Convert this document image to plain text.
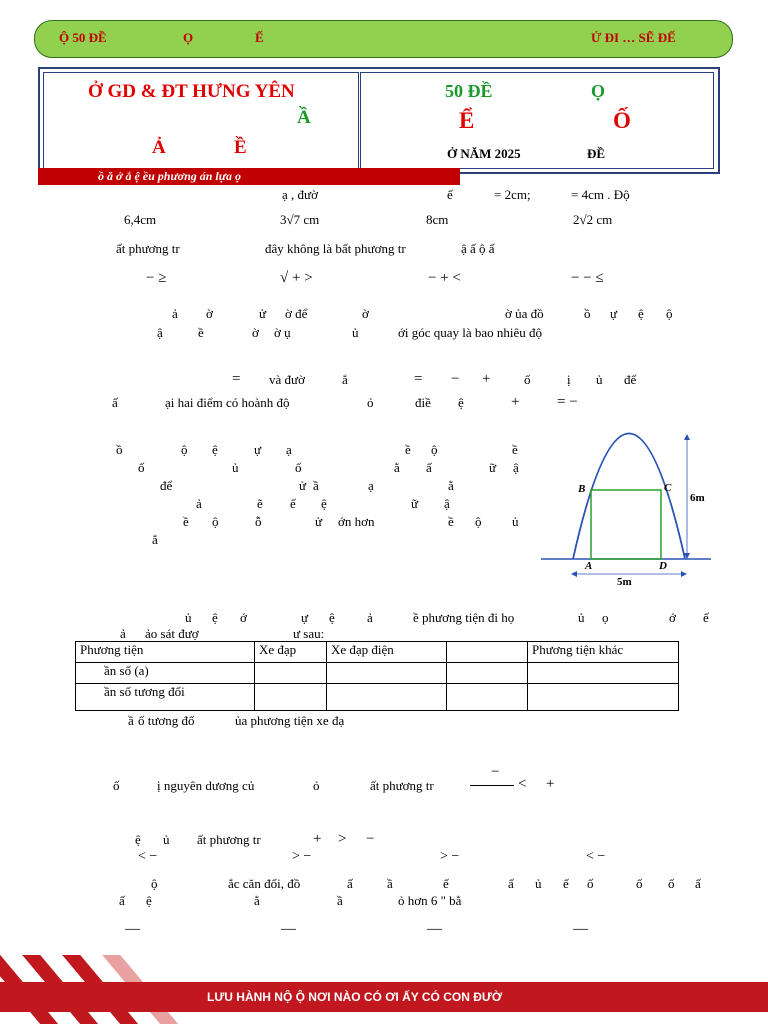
Ộ 50 ĐỀ	Ọ	Ế	Ử ĐI … SẼ ĐẾ
Ở GD & ĐT HƯNG YÊN
Ầ
Ả	Ề
50 ĐỀ	Ọ
Ể	Ố
Ở NĂM 2025	ĐỀ
ồ ă ở ắ ệ ều phương án lựa ọ
ạ , đườ	ế	= 2cm;	= 4cm . Độ
6,4cm	3√7 cm	8cm	2√2 cm
ất phương tr	đây không là bất phương tr	ậ ấ ộ ấ
− ≥	√ + >	− + <	− − ≤
ả ờ	ử ờ để	ờ	ờ ủa đồ	ồ ự ệ ộ
ậ	ề	ờ ờ ụ	ủ	ới góc quay là bao nhiêu độ
= và đườ	ẳ	= − +	ố	ị ủ để
ấ	ại hai điểm có hoành độ	ỏ	điề ệ	+	= −
ồ	ộ ệ	ự ạ	ề ộ	ề
ố	ủ	ố	ằ ấ	ữ ậ
để	ử ầ	ạ	ằ
ả	ẽ ế ệ	ữ ậ
ề ộ	ỗ	ử ớn hơn	ề ộ ủ
ắ
B	C
A	D
6m
5m
ủ ệ ớ	ự ệ ả	ề phương tiện đi họ	ủ ọ	ớ ế
ả ảo sát đượ	ư sau:
Phương tiện	Xe đạp	Xe đạp điện		Phương tiện khác
ần số (a)				
ần số tương đối				
ầ ố tương đố	ủa phương tiện xe đạ
ố	ị nguyên dương củ	ỏ	ất phương tr
−
< +
ệ ủ ất phương tr	+ > −
< −	> −	> −	< −
ộ	ắc căn đối, đồ	ấ	ầ	ế	ấ ủ ế ố	ố ố ấ
ấ ệ	ằ	ầ	ỏ hơn 6 " bằ
—	—	—	—
LƯU HÀNH NỘ Ộ NƠI NÀO CÓ ƠI ẤY CÓ CON ĐƯỜ
